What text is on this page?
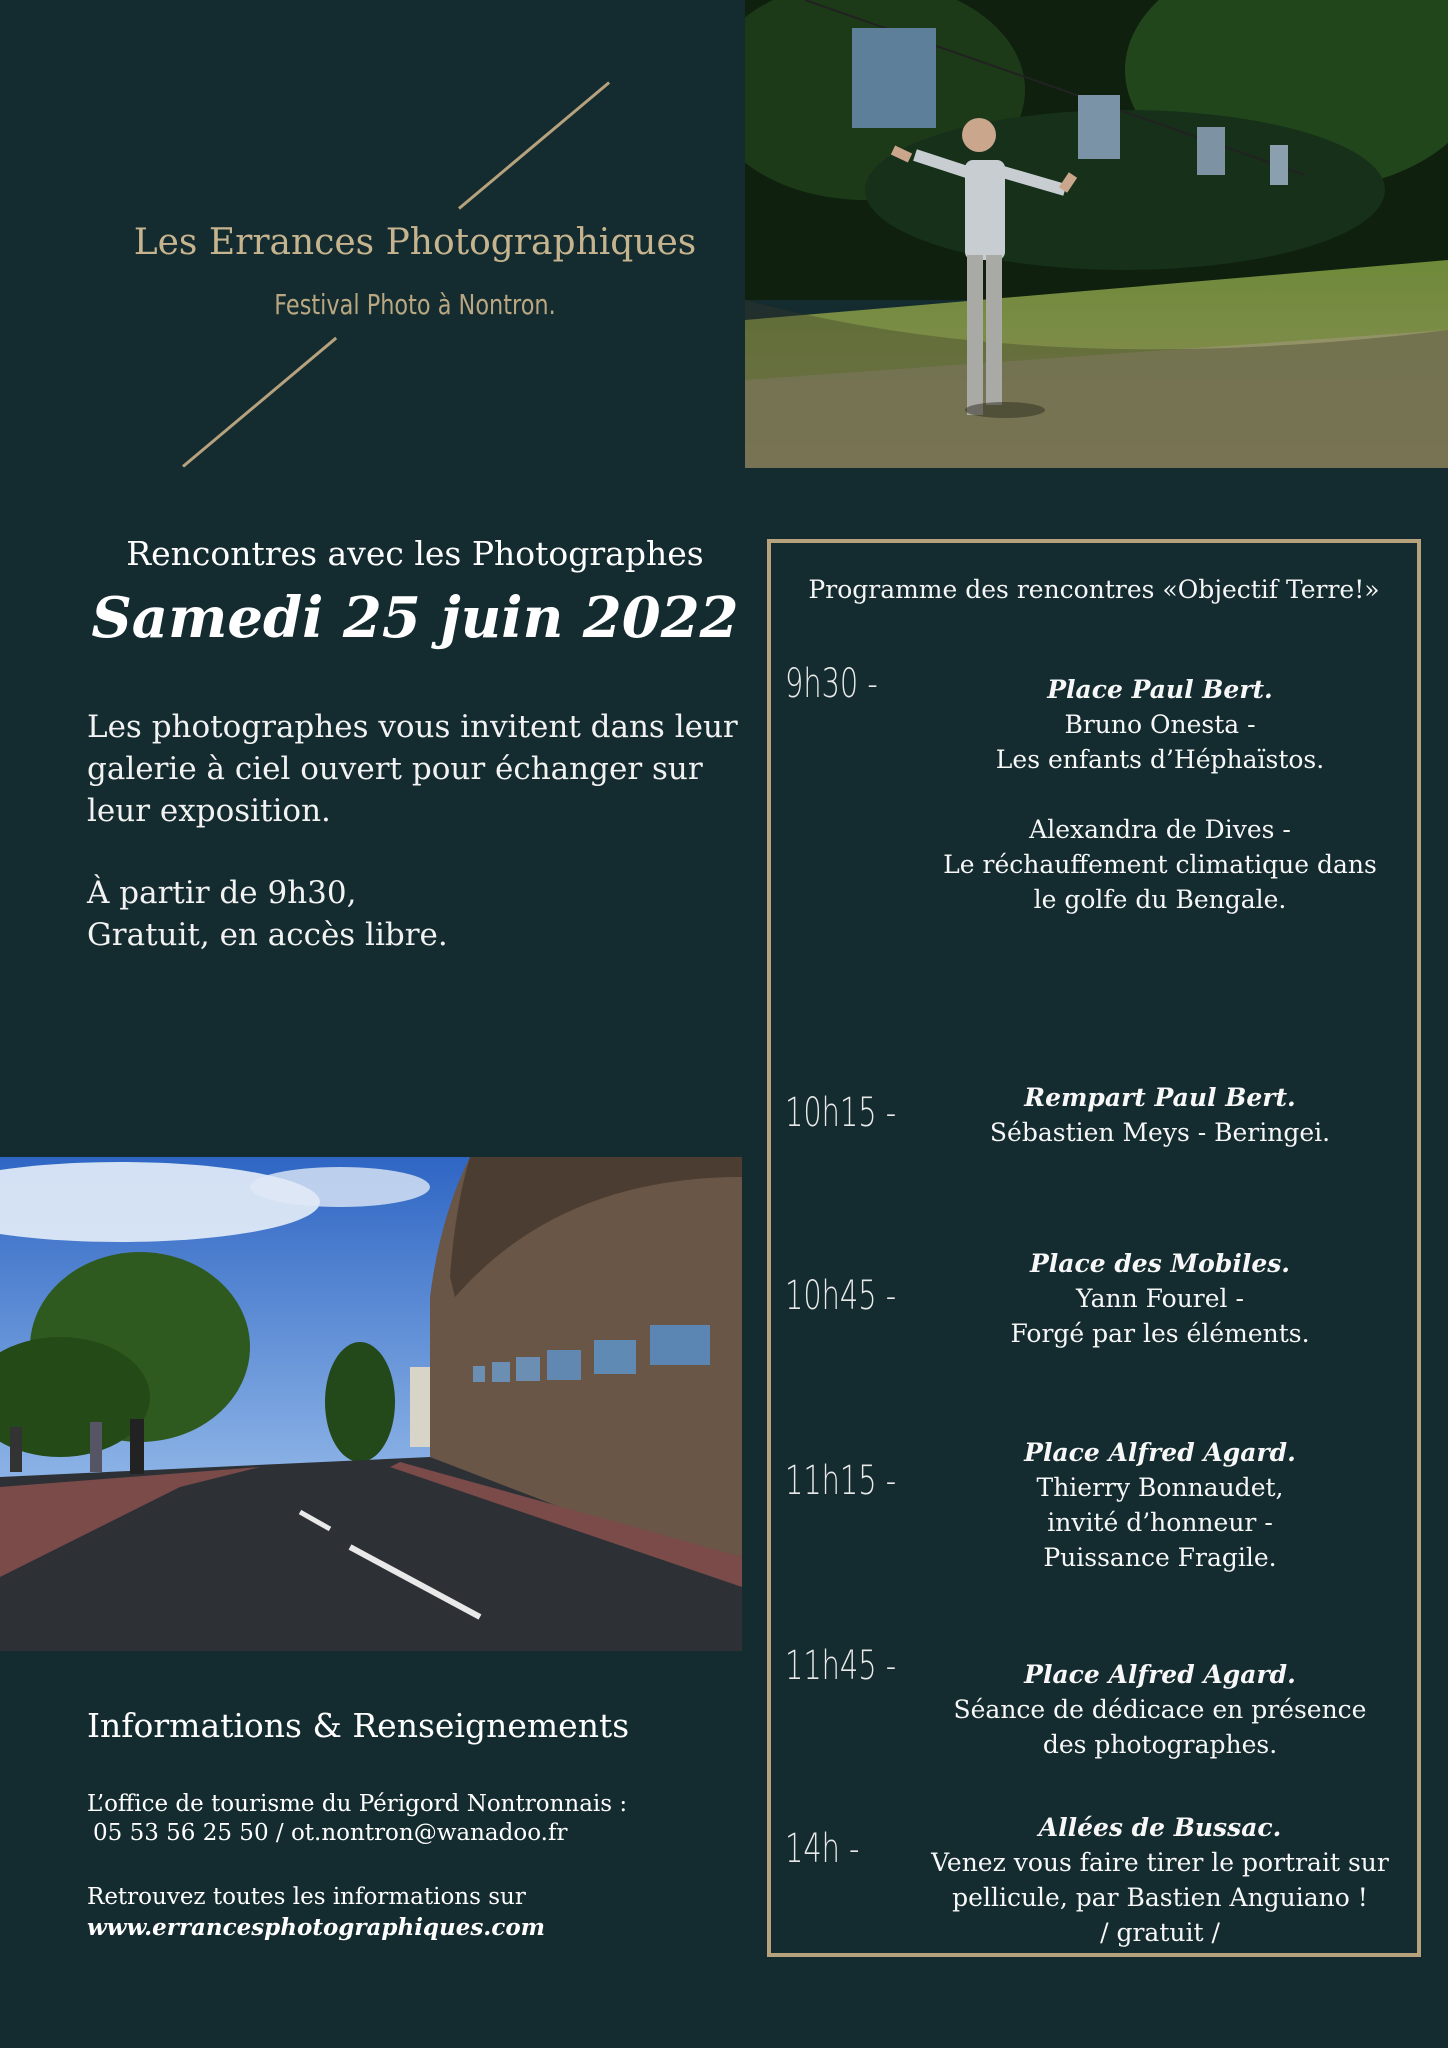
Les Errances Photographiques
Festival Photo à Nontron.
Rencontres avec les Photographes
Samedi 25 juin 2022

Les photographes vous invitent dans leur galerie à ciel ouvert pour échanger sur leur exposition.

À partir de 9h30,
Gratuit, en accès libre.
Informations & Renseignements
L’office de tourisme du Périgord Nontronnais :
05 53 56 25 50 / ot.nontron@wanadoo.fr
Retrouvez toutes les informations sur
www.errancesphotographiques.com
Programme des rencontres «Objectif Terre!»
9h30 -	Place Paul Bert.
Bruno Onesta -
Les enfants d’Héphaïstos.
Alexandra de Dives -
Le réchauffement climatique dans
le golfe du Bengale.
10h15 -	Rempart Paul Bert.
Sébastien Meys - Beringei.
10h45 -
Place des Mobiles.
Yann Fourel -
Forgé par les éléments.
11h15 -
Place Alfred Agard.
Thierry Bonnaudet,
invité d’honneur -
Puissance Fragile.
11h45 -	Place Alfred Agard.
Séance de dédicace en présence
des photographes.
14h -	Allées de Bussac.
Venez vous faire tirer le portrait sur
pellicule, par Bastien Anguiano !
/ gratuit /
